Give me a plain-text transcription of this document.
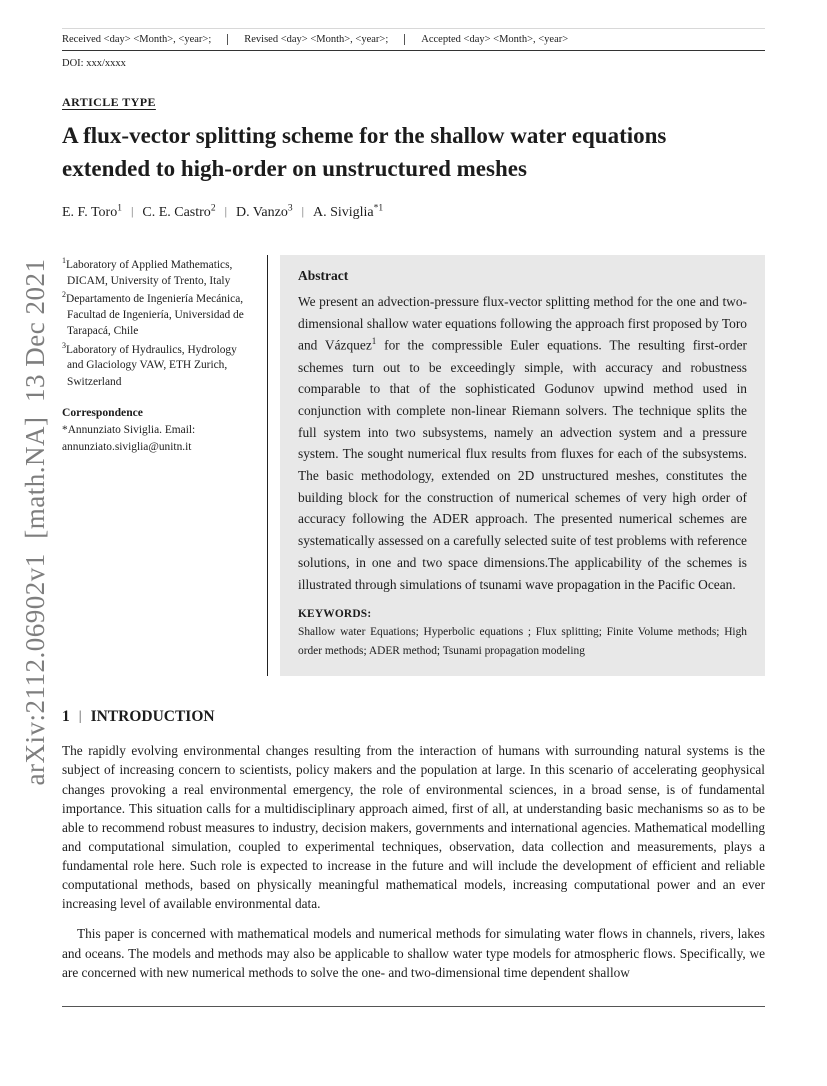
arXiv:2112.06902v1  [math.NA]  13 Dec 2021
Received <day> <Month>, <year>;	Revised <day> <Month>, <year>;	Accepted <day> <Month>, <year>
DOI: xxx/xxxx
ARTICLE TYPE
A flux-vector splitting scheme for the shallow water equations extended to high-order on unstructured meshes
E. F. Toro$^1$ | C. E. Castro$^2$ | D. Vanzo$^3$ | A. Siviglia$^{*1}$
$^1$Laboratory of Applied Mathematics, DICAM, University of Trento, Italy
$^2$Departamento de Ingeniería Mecánica, Facultad de Ingeniería, Universidad de Tarapacá, Chile
$^3$Laboratory of Hydraulics, Hydrology and Glaciology VAW, ETH Zurich, Switzerland
Correspondence
*Annunziato Siviglia. Email: annunziato.siviglia@unitn.it
Abstract
We present an advection-pressure flux-vector splitting method for the one and two-dimensional shallow water equations following the approach first proposed by Toro and Vázquez$^1$ for the compressible Euler equations. The resulting first-order schemes turn out to be exceedingly simple, with accuracy and robustness comparable to that of the sophisticated Godunov upwind method used in conjunction with complete non-linear Riemann solvers. The technique splits the full system into two subsystems, namely an advection system and a pressure system. The sought numerical flux results from fluxes for each of the subsystems. The basic methodology, extended on 2D unstructured meshes, constitutes the building block for the construction of numerical schemes of very high order of accuracy following the ADER approach. The presented numerical schemes are systematically assessed on a carefully selected suite of test problems with reference solutions, in one and two space dimensions.The applicability of the schemes is illustrated through simulations of tsunami wave propagation in the Pacific Ocean.
KEYWORDS:
Shallow water Equations; Hyperbolic equations ; Flux splitting; Finite Volume methods; High order methods; ADER method; Tsunami propagation modeling
1 | INTRODUCTION

The rapidly evolving environmental changes resulting from the interaction of humans with surrounding natural systems is the subject of increasing concern to scientists, policy makers and the population at large. In this scenario of accelerating geophysical changes provoking a real environmental emergency, the role of environmental sciences, in a broad sense, is of fundamental importance. This situation calls for a multidisciplinary approach aimed, first of all, at understanding basic mechanisms so as to be able to recommend robust measures to industry, decision makers, governments and international agencies. Mathematical modelling and computational simulation, coupled to experimental techniques, observation, data collection and measurements, plays a fundamental role here. Such role is expected to increase in the future and will include the development of efficient and reliable computational methods, based on physically meaningful mathematical models, increasing computational power and an ever increasing level of available environmental data.

This paper is concerned with mathematical models and numerical methods for simulating water flows in channels, rivers, lakes and oceans. The models and methods may also be applicable to shallow water type models for atmospheric flows. Specifically, we are concerned with new numerical methods to solve the one- and two-dimensional time dependent shallow
